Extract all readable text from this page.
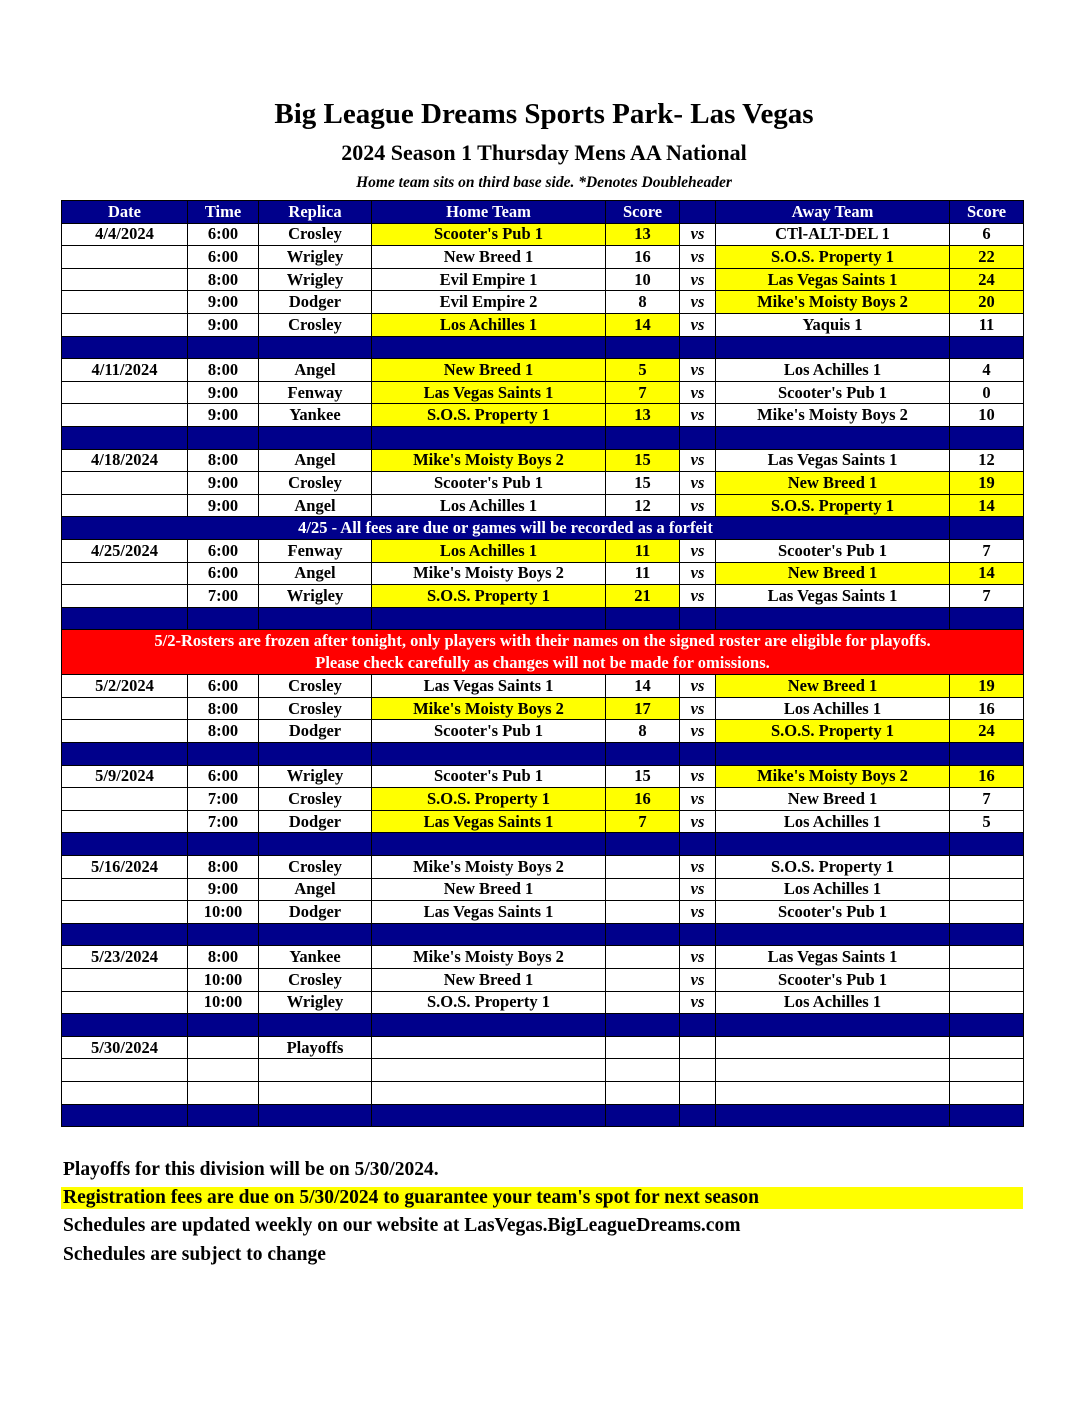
Big League Dreams Sports Park- Las Vegas
2024 Season 1 Thursday Mens AA National
Home team sits on third base side. *Denotes Doubleheader
Date	Time	Replica	Home Team	Score		Away Team	Score
4/4/2024	6:00	Crosley	Scooter's Pub 1	13	vs	CTl-ALT-DEL 1	6
	6:00	Wrigley	New Breed 1	16	vs	S.O.S. Property 1	22
	8:00	Wrigley	Evil Empire 1	10	vs	Las Vegas Saints 1	24
	9:00	Dodger	Evil Empire 2	8	vs	Mike's Moisty Boys 2	20
	9:00	Crosley	Los Achilles 1	14	vs	Yaquis 1	11

4/11/2024	8:00	Angel	New Breed 1	5	vs	Los Achilles 1	4
	9:00	Fenway	Las Vegas Saints 1	7	vs	Scooter's Pub 1	0
	9:00	Yankee	S.O.S. Property 1	13	vs	Mike's Moisty Boys 2	10

4/18/2024	8:00	Angel	Mike's Moisty Boys 2	15	vs	Las Vegas Saints 1	12
	9:00	Crosley	Scooter's Pub 1	15	vs	New Breed 1	19
	9:00	Angel	Los Achilles 1	12	vs	S.O.S. Property 1	14
4/25 - All fees are due or games will be recorded as a forfeit							
4/25/2024	6:00	Fenway	Los Achilles 1	11	vs	Scooter's Pub 1	7
	6:00	Angel	Mike's Moisty Boys 2	11	vs	New Breed 1	14
	7:00	Wrigley	S.O.S. Property 1	21	vs	Las Vegas Saints 1	7

5/2-Rosters are frozen after tonight, only players with their names on the signed roster are eligible for playoffs.
Please check carefully as changes will not be made for omissions.							

5/2/2024	6:00	Crosley	Las Vegas Saints 1	14	vs	New Breed 1	19
	8:00	Crosley	Mike's Moisty Boys 2	17	vs	Los Achilles 1	16
	8:00	Dodger	Scooter's Pub 1	8	vs	S.O.S. Property 1	24

5/9/2024	6:00	Wrigley	Scooter's Pub 1	15	vs	Mike's Moisty Boys 2	16
	7:00	Crosley	S.O.S. Property 1	16	vs	New Breed 1	7
	7:00	Dodger	Las Vegas Saints 1	7	vs	Los Achilles 1	5

5/16/2024	8:00	Crosley	Mike's Moisty Boys 2		vs	S.O.S. Property 1	
	9:00	Angel	New Breed 1		vs	Los Achilles 1	
	10:00	Dodger	Las Vegas Saints 1		vs	Scooter's Pub 1	

5/23/2024	8:00	Yankee	Mike's Moisty Boys 2		vs	Las Vegas Saints 1	
	10:00	Crosley	New Breed 1		vs	Scooter's Pub 1	
	10:00	Wrigley	S.O.S. Property 1		vs	Los Achilles 1	

5/30/2024		Playoffs					

Playoffs for this division will be on 5/30/2024.
Registration fees are due on 5/30/2024 to guarantee your team's spot for next season
Schedules are updated weekly on our website at LasVegas.BigLeagueDreams.com
Schedules are subject to change
